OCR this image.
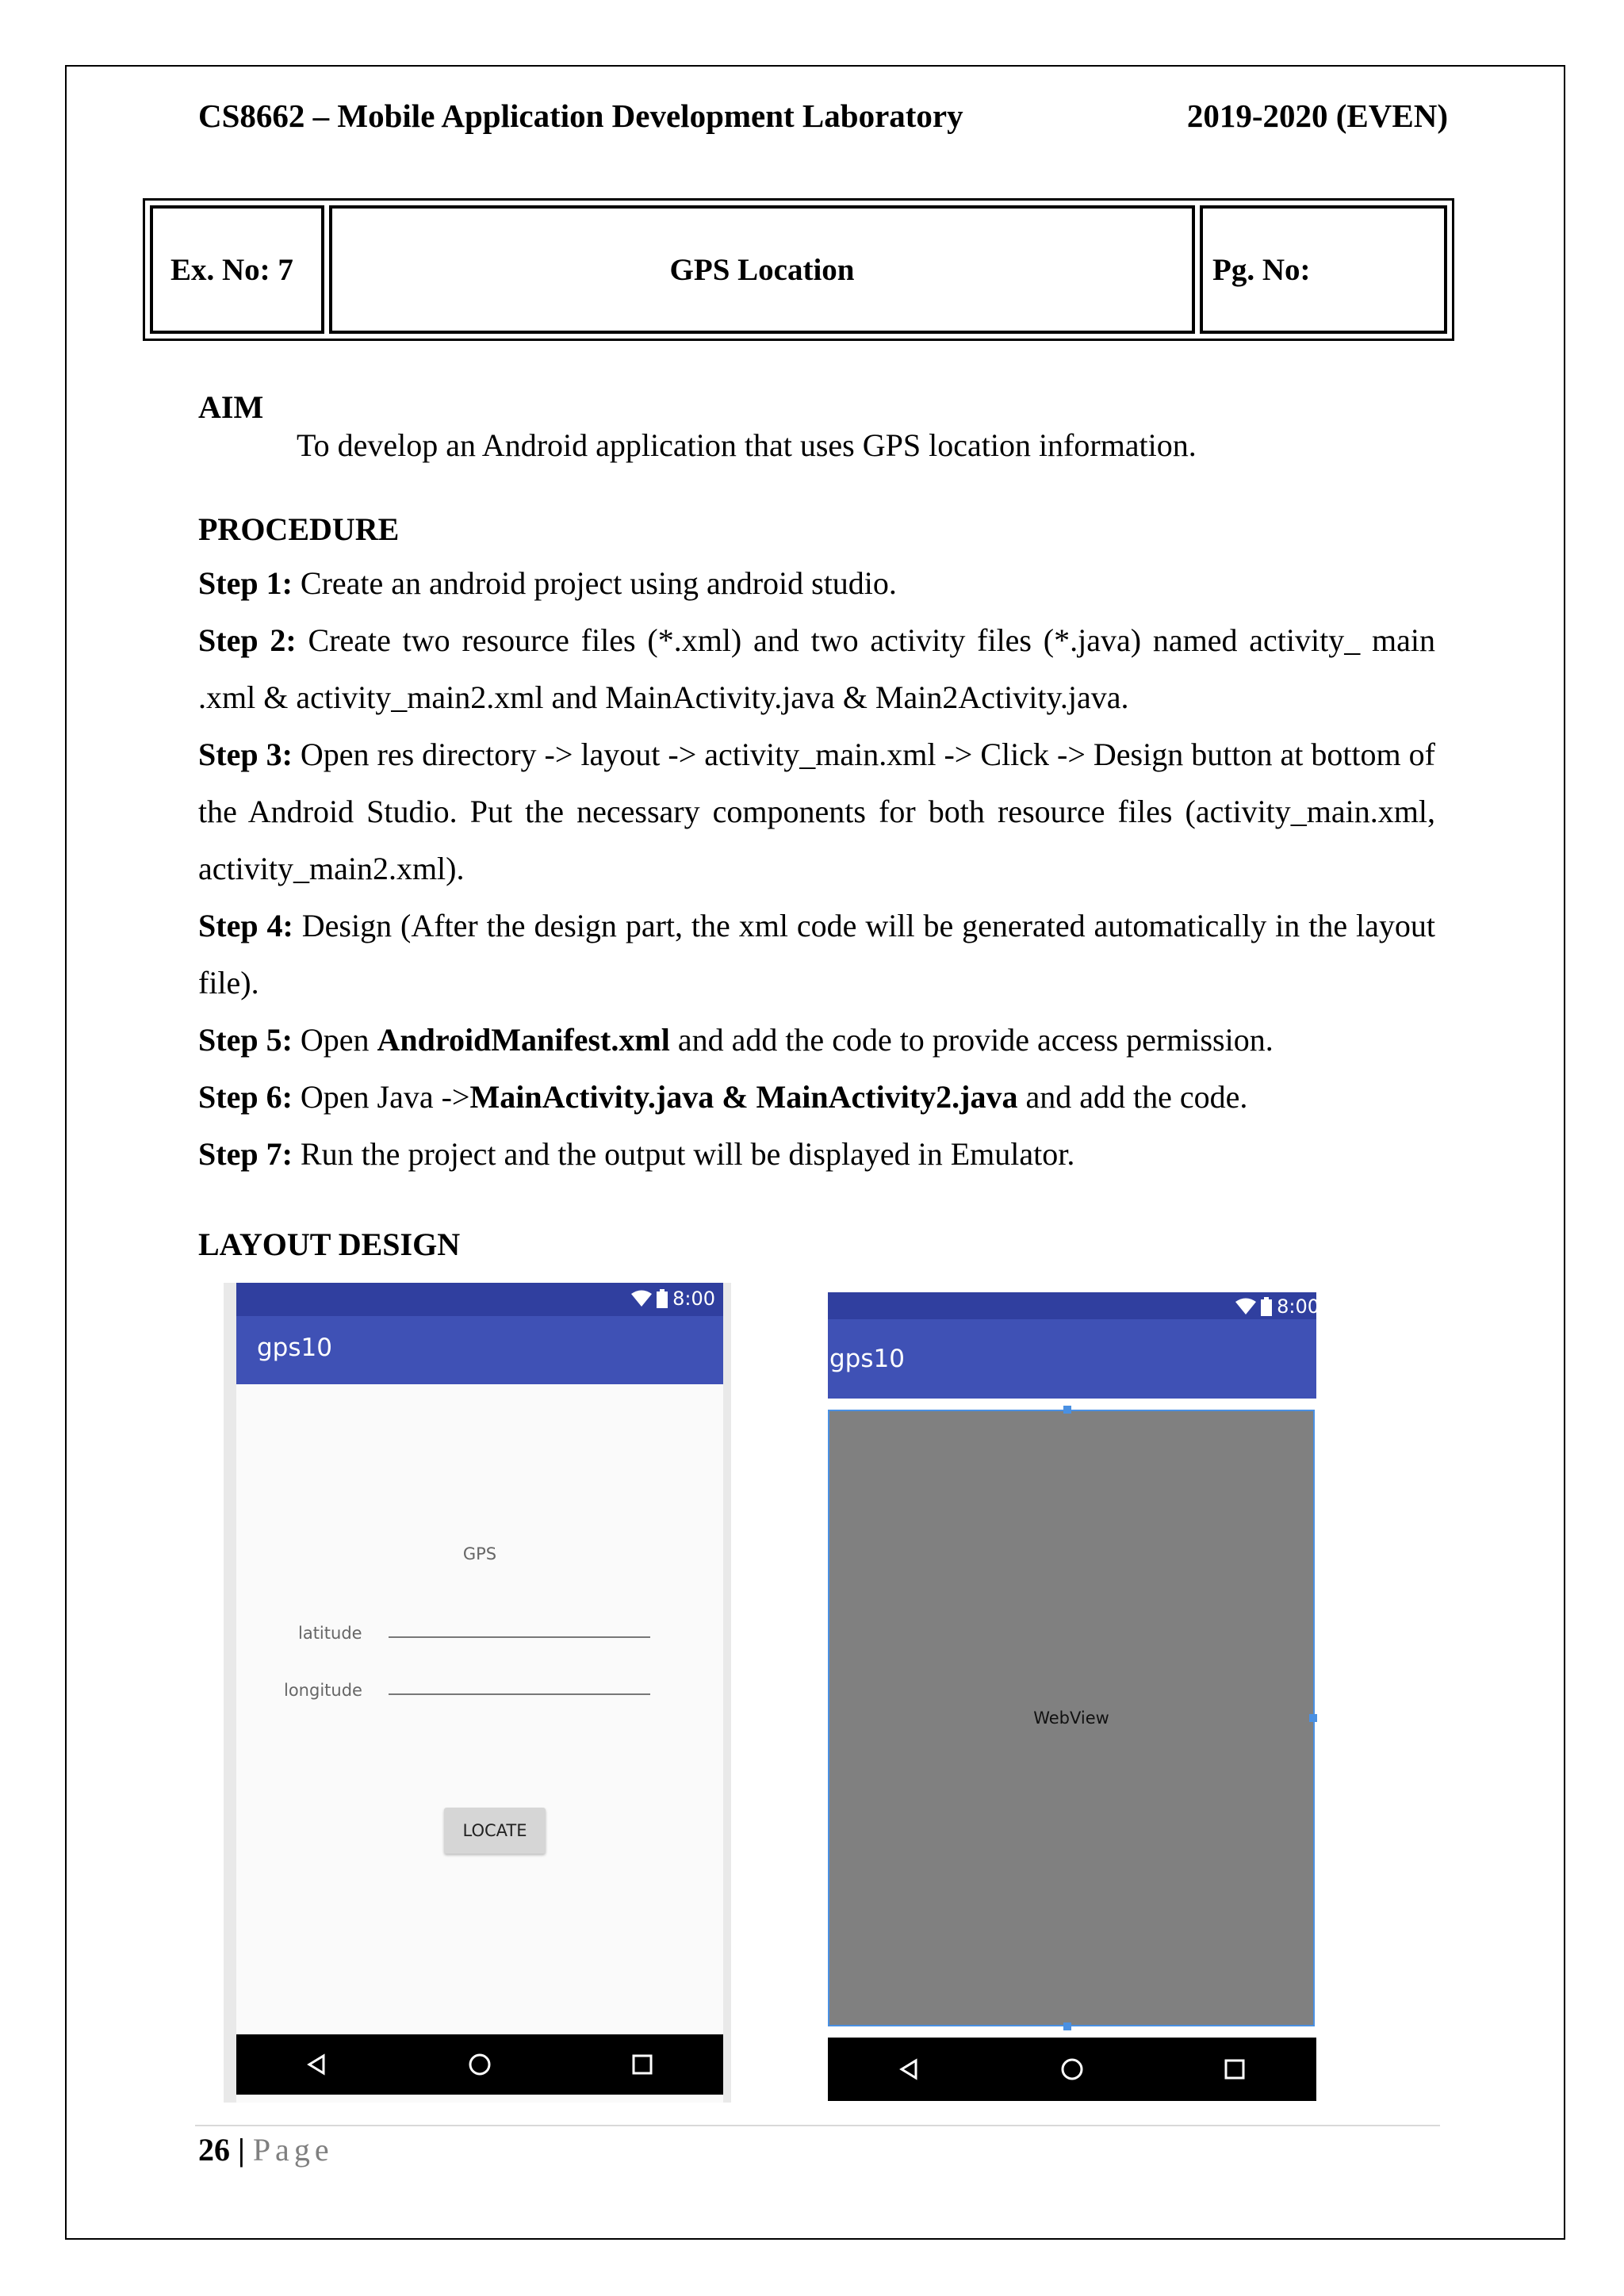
CS8662 – Mobile Application Development Laboratory	2019-2020 (EVEN)
Ex. No: 7	GPS Location	Pg. No:
AIM
To develop an Android application that uses GPS location information.
PROCEDURE
Step 1: Create an android project using android studio.
Step 2: Create two resource files (*.xml) and two activity files (*.java) named activity_ main .xml & activity_main2.xml and MainActivity.java & Main2Activity.java.
Step 3: Open res directory -> layout -> activity_main.xml -> Click -> Design button at bottom of the Android Studio. Put the necessary components for both resource files (activity_main.xml, activity_main2.xml).
Step 4: Design (After the design part, the xml code will be generated automatically in the layout file).
Step 5: Open AndroidManifest.xml and add the code to provide access permission.
Step 6: Open Java ->MainActivity.java & MainActivity2.java and add the code.
Step 7: Run the project and the output will be displayed in Emulator.
LAYOUT DESIGN
8:00
gps10
GPS
latitude
longitude
LOCATE
8:00
gps10
WebView
26 | Page
